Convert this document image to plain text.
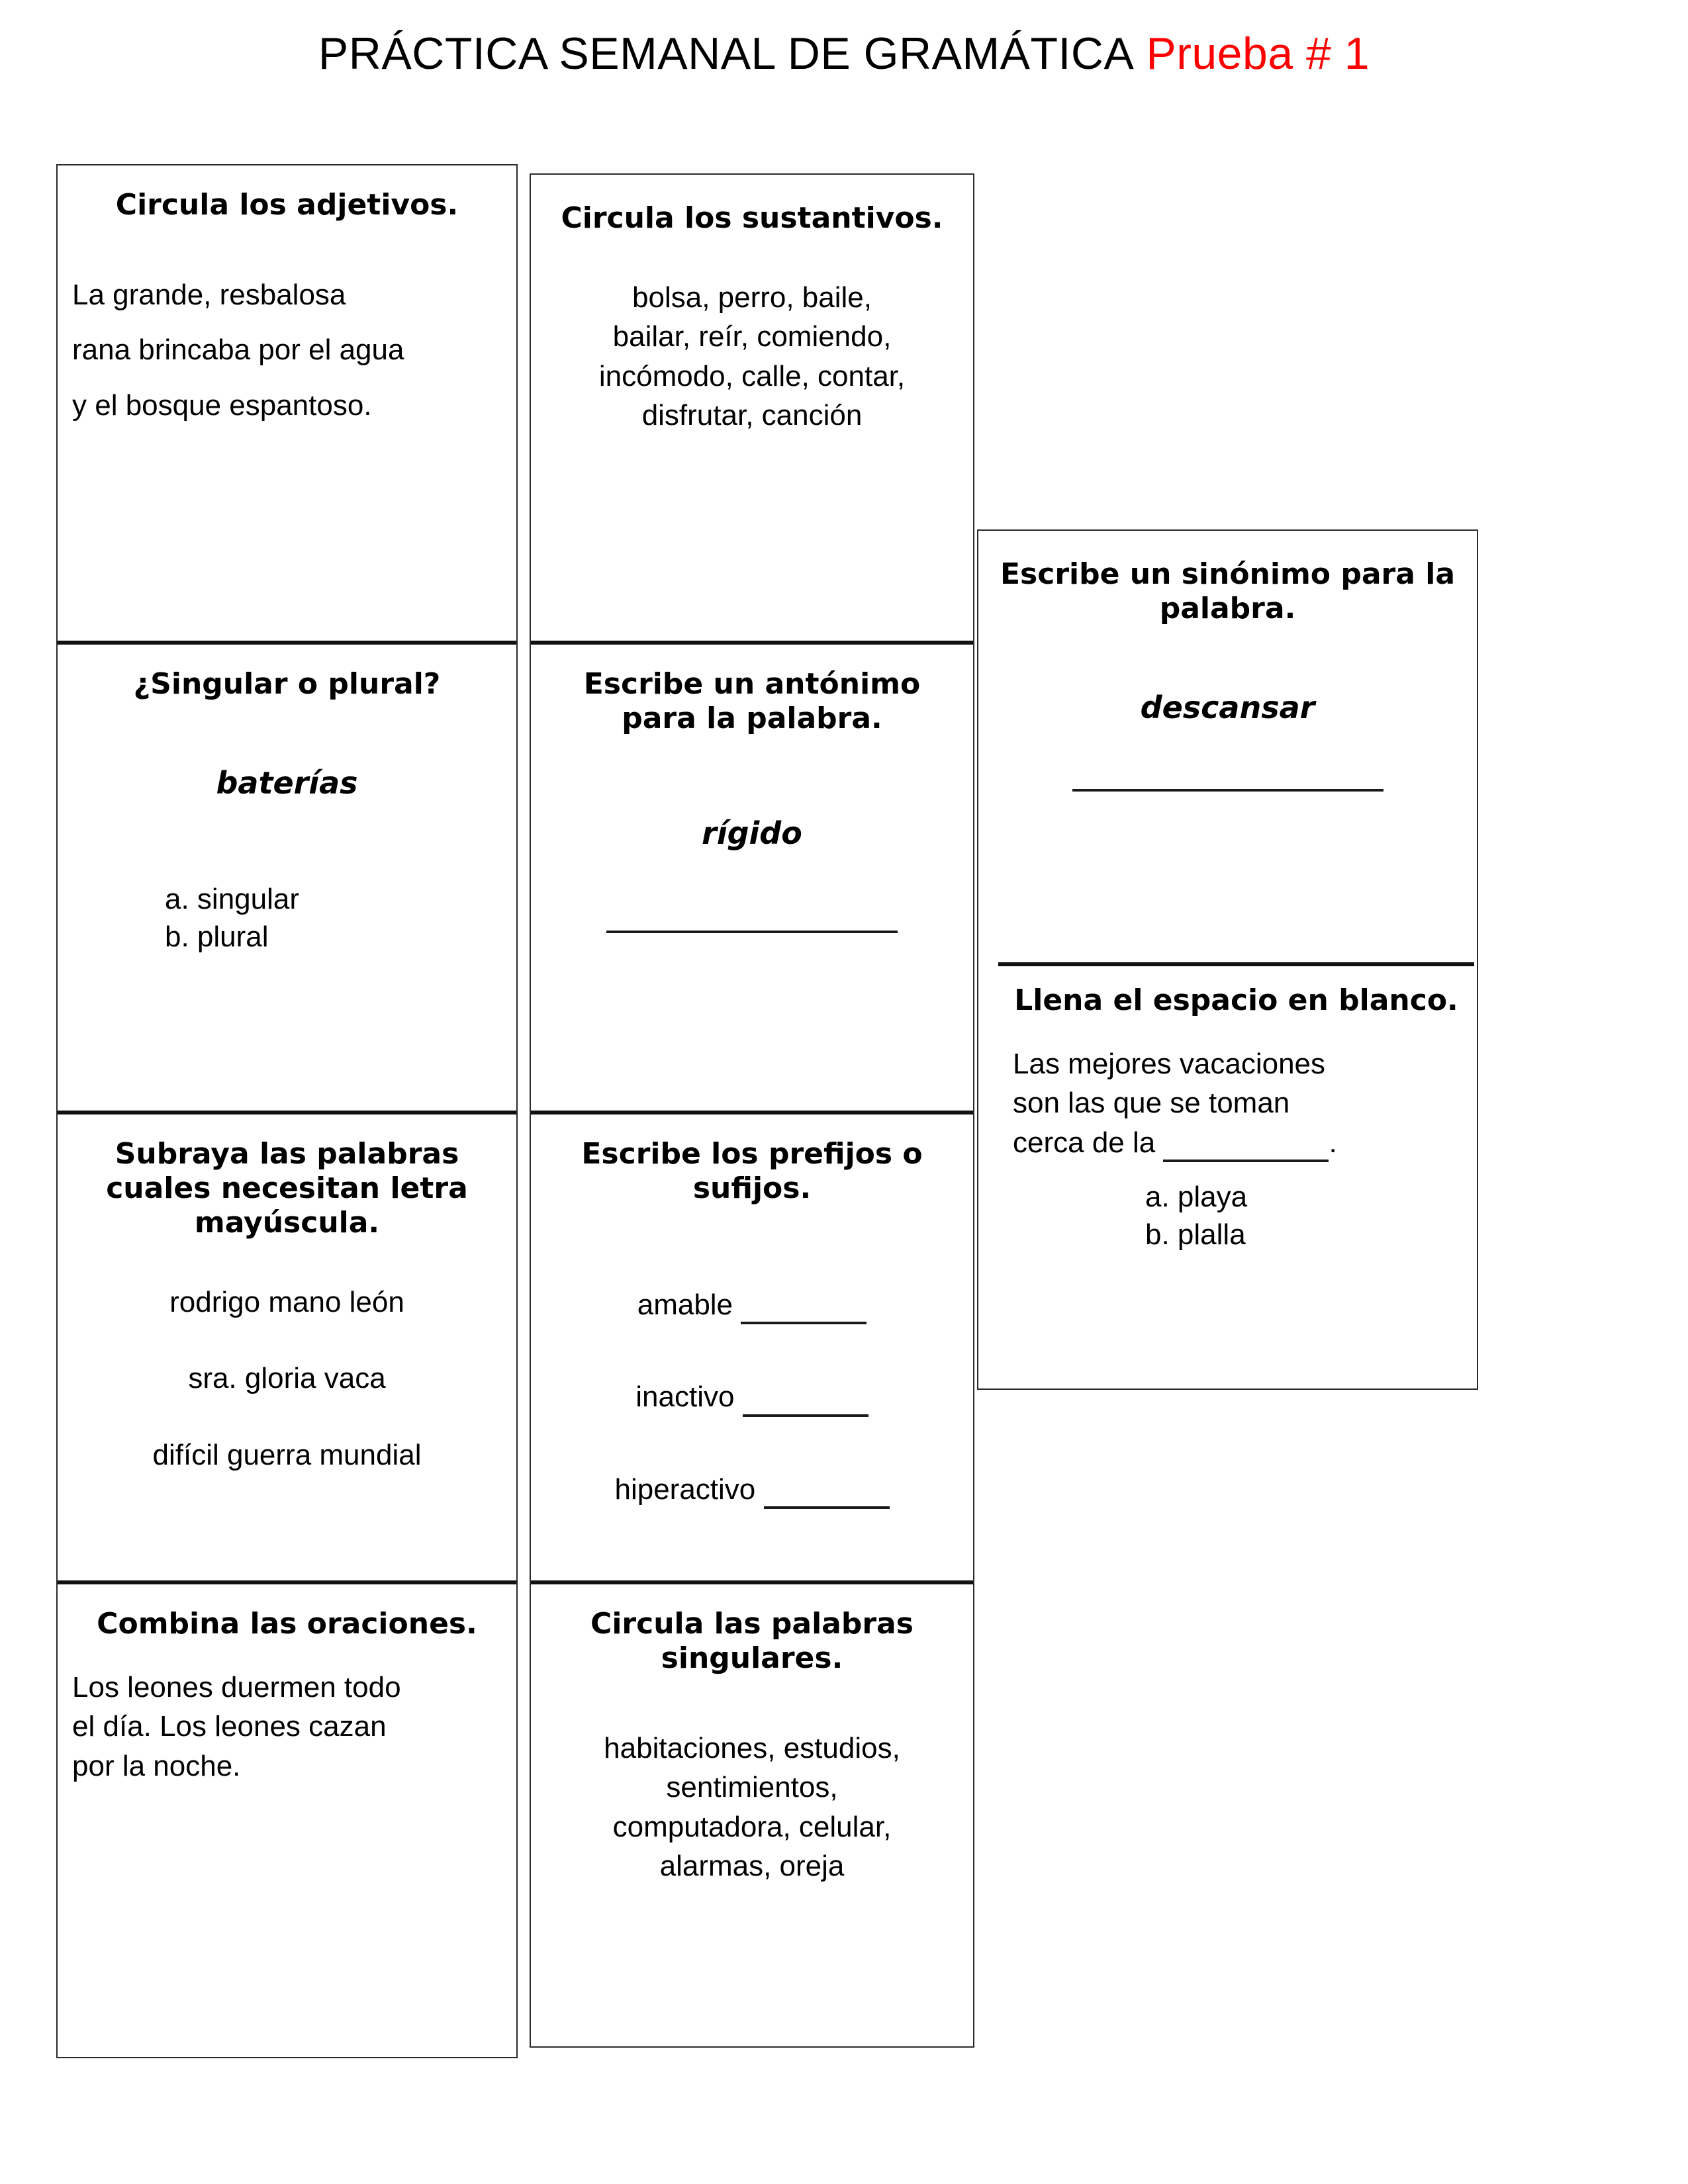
PRÁCTICA SEMANAL DE GRAMÁTICA Prueba # 1

Circula los adjetivos.

La grande, resbalosa

rana brincaba por el agua

y el bosque espantoso.

¿Singular o plural?

baterías

a. singular

b. plural

Subraya las palabras cuales necesitan letra mayúscula.

rodrigo mano león

sra. gloria vaca

difícil guerra mundial

Combina las oraciones.

Los leones duermen todo

el día. Los leones cazan

por la noche.

Circula los sustantivos.

bolsa, perro, baile,

bailar, reír, comiendo,

incómodo, calle, contar,

disfrutar, canción

Escribe un antónimo para la palabra.

rígido

Escribe los prefijos o sufijos.

amable

inactivo

hiperactivo

Circula las palabras singulares.

habitaciones, estudios,

sentimientos,

computadora, celular,

alarmas, oreja

Escribe un sinónimo para la palabra.

descansar

Llena el espacio en blanco.

Las mejores vacaciones

son las que se toman

cerca de la	.

a. playa

b. plalla
